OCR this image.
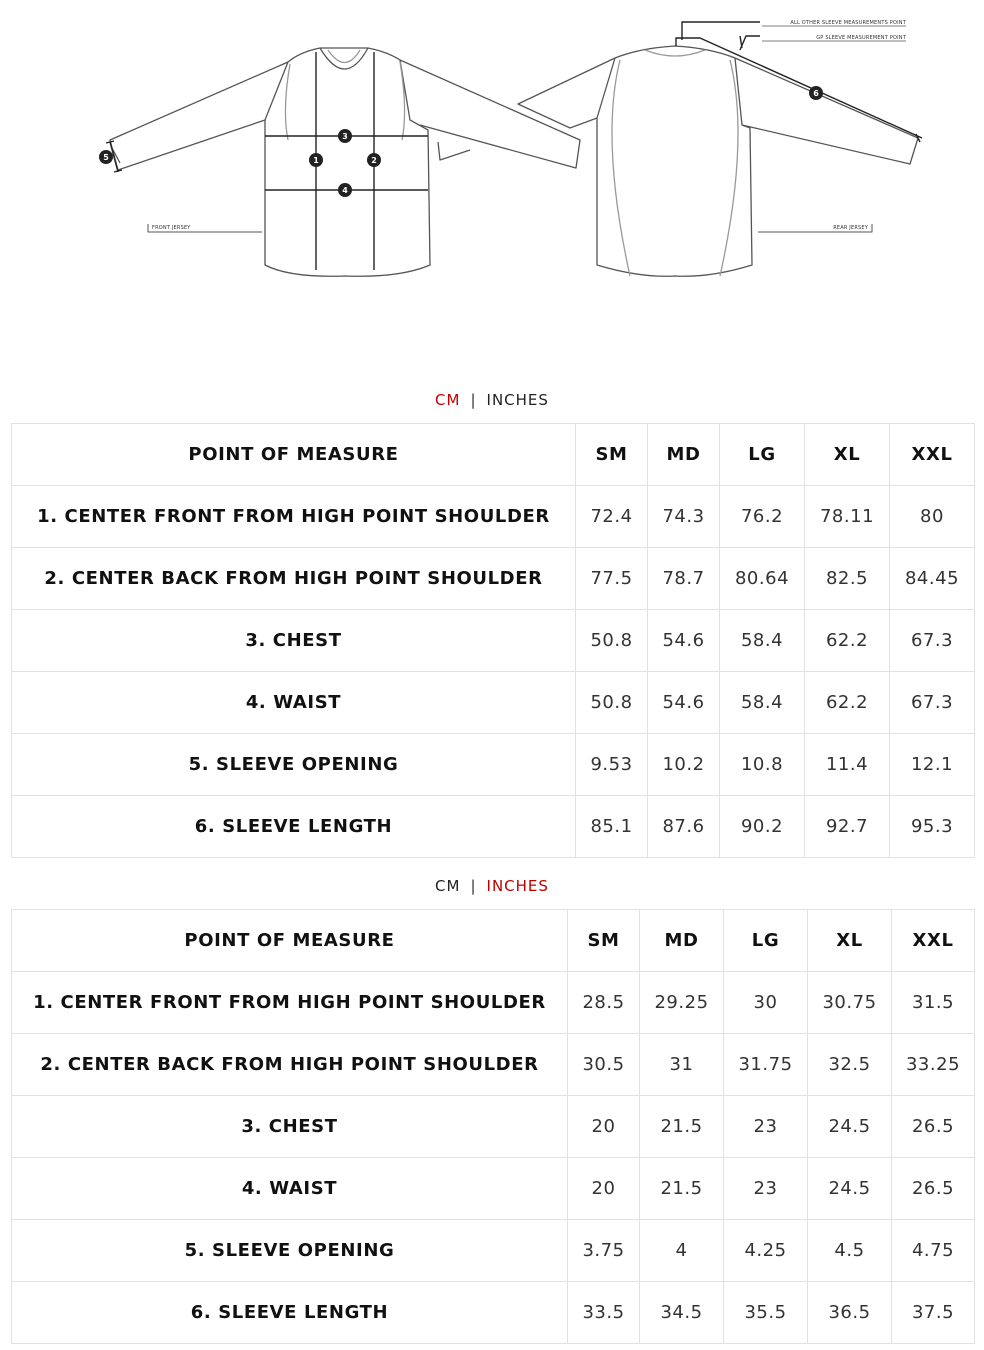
1	2
3
4
5
6
FRONT JERSEY	REAR JERSEY
ALL OTHER SLEEVE MEASUREMENTS POINT
GP SLEEVE MEASUREMENT POINT
CM | INCHES
POINT OF MEASURE	SM	MD	LG	XL	XXL
1. CENTER FRONT FROM HIGH POINT SHOULDER	72.4	74.3	76.2	78.11	80
2. CENTER BACK FROM HIGH POINT SHOULDER	77.5	78.7	80.64	82.5	84.45
3. CHEST	50.8	54.6	58.4	62.2	67.3
4. WAIST	50.8	54.6	58.4	62.2	67.3
5. SLEEVE OPENING	9.53	10.2	10.8	11.4	12.1
6. SLEEVE LENGTH	85.1	87.6	90.2	92.7	95.3
CM | INCHES
POINT OF MEASURE	SM	MD	LG	XL	XXL
1. CENTER FRONT FROM HIGH POINT SHOULDER	28.5	29.25	30	30.75	31.5
2. CENTER BACK FROM HIGH POINT SHOULDER	30.5	31	31.75	32.5	33.25
3. CHEST	20	21.5	23	24.5	26.5
4. WAIST	20	21.5	23	24.5	26.5
5. SLEEVE OPENING	3.75	4	4.25	4.5	4.75
6. SLEEVE LENGTH	33.5	34.5	35.5	36.5	37.5
